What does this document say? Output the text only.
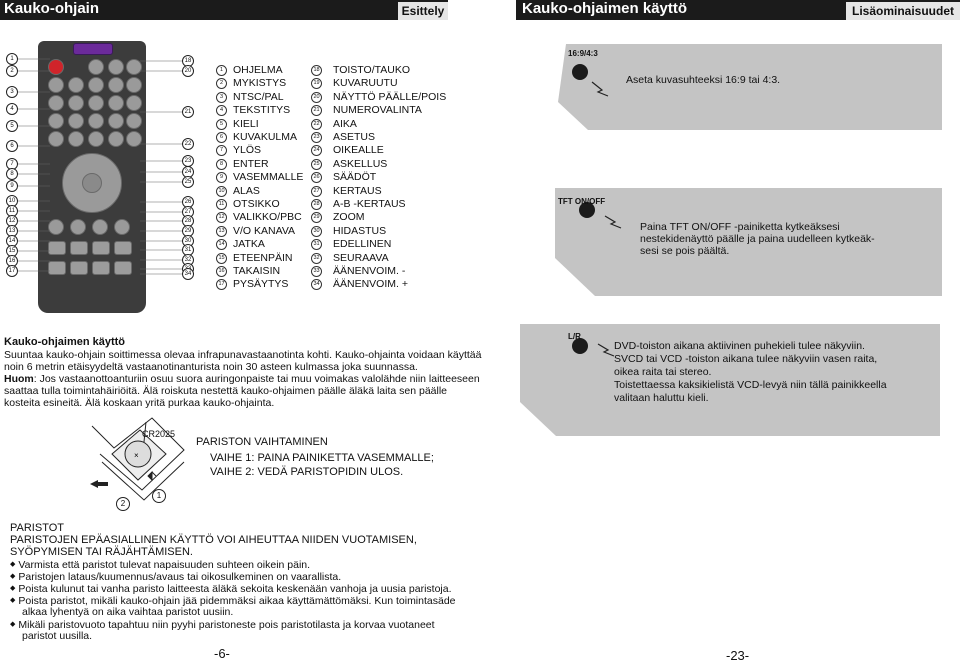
Kauko-ohjain	Esittely	Kauko-ohjaimen käyttö	Lisäominaisuudet
1
2
3
4
5
6
7
8
9
10
11
12
13
14
15
16
17
18
20
21
22
23
24
25
26
27
28
29
30
31
32
34
1 OHJELMA
2 MYKISTYS
3 NTSC/PAL
4 TEKSTITYS
5 KIELI
6 KUVAKULMA
7 YLÖS
8 ENTER
9 VASEMMALLE
10 ALAS
11 OTSIKKO
12 VALIKKO/PBC
13 V/O KANAVA
14 JATKA
15 ETEENPÄIN
16 TAKAISIN
17 PYSÄYTYS
18 TOISTO/TAUKO
19 KUVARUUTU
20 NÄYTTÖ PÄÄLLE/POIS
21 NUMEROVALINTA
22 AIKA
23 ASETUS
24 OIKEALLE
25 ASKELLUS
26 SÄÄDÖT
27 KERTAUS
28 A-B -KERTAUS
29 ZOOM
30 HIDASTUS
31 EDELLINEN
32 SEURAAVA
33 ÄÄNENVOIM. -
34 ÄÄNENVOIM. +
Kauko-ohjaimen käyttö
Suuntaa kauko-ohjain soittimessa olevaa infrapunavastaanotinta kohti. Kauko-ohjainta voidaan käyttää
noin 6 metrin etäisyydeltä vastaanotinanturista noin 30 asteen kulmassa joka suunnassa.
Huom: Jos vastaanottoanturiin osuu suora auringonpaiste tai muu voimakas valolähde niin laitteeseen
saattaa tulla toimintahäiriöitä. Älä roiskuta nestettä kauko-ohjaimen päälle äläkä laita sen päälle
kosteita esineitä. Älä koskaan yritä purkaa kauko-ohjainta.
×
CR2025
1
2
PARISTON VAIHTAMINEN
VAIHE 1: PAINA PAINIKETTA VASEMMALLE;
VAIHE 2: VEDÄ PARISTOPIDIN ULOS.
PARISTOT
PARISTOJEN EPÄASIALLINEN KÄYTTÖ VOI AIHEUTTAA NIIDEN VUOTAMISEN,
SYÖPYMISEN TAI RÄJÄHTÄMISEN.
◆ Varmista että paristot tulevat napaisuuden suhteen oikein päin.
◆ Paristojen lataus/kuumennus/avaus tai oikosulkeminen on vaarallista.
◆ Poista kulunut tai vanha paristo laitteesta äläkä sekoita keskenään vanhoja ja uusia paristoja.
◆ Poista paristot, mikäli kauko-ohjain jää pidemmäksi aikaa käyttämättömäksi. Kun toimintasäde
alkaa lyhentyä on aika vaihtaa paristot uusiin.
◆ Mikäli paristovuoto tapahtuu niin pyyhi paristoneste pois paristotilasta ja korvaa vuotaneet
paristot uusilla.
16:9/4:3
Aseta kuvasuhteeksi 16:9 tai 4:3.
TFT ON/OFF
Paina TFT ON/OFF -painiketta kytkeäksesi
nestekidenäyttö päälle ja paina uudelleen kytkeäk-
sesi se pois päältä.
L/R
DVD-toiston aikana aktiivinen puhekieli tulee näkyviin.
SVCD tai VCD -toiston aikana tulee näkyviin vasen raita,
oikea raita tai stereo.
Toistettaessa kaksikielistä VCD-levyä niin tällä painikkeella
valitaan haluttu kieli.
-6-	-23-
